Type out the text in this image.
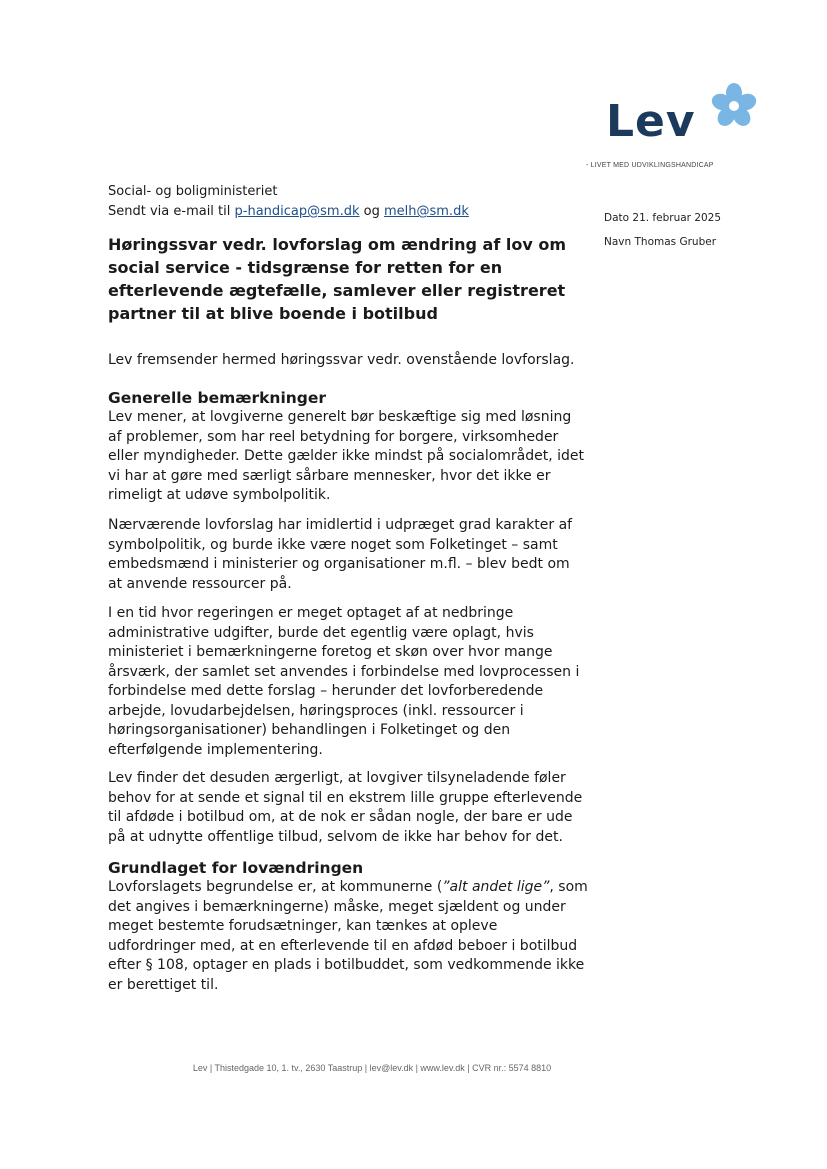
Lev
- LIVET MED UDVIKLINGSHANDICAP
Social- og boligministeriet
Sendt via e-mail til p-handicap@sm.dk og melh@sm.dk	Dato 21. februar 2025
Navn Thomas Gruber
Høringssvar vedr. lovforslag om ændring af lov om social service - tidsgrænse for retten for en efterlevende ægtefælle, samlever eller registreret partner til at blive boende i botilbud
Lev fremsender hermed høringssvar vedr. ovenstående lovforslag.
Generelle bemærkninger

Lev mener, at lovgiverne generelt bør beskæftige sig med løsning af problemer, som har reel betydning for borgere, virksomheder eller myndigheder. Dette gælder ikke mindst på socialområdet, idet vi har at gøre med særligt sårbare mennesker, hvor det ikke er rimeligt at udøve symbolpolitik.

Nærværende lovforslag har imidlertid i udpræget grad karakter af symbolpolitik, og burde ikke være noget som Folketinget – samt embedsmænd i ministerier og organisationer m.fl. – blev bedt om at anvende ressourcer på.

I en tid hvor regeringen er meget optaget af at nedbringe administrative udgifter, burde det egentlig være oplagt, hvis ministeriet i bemærkningerne foretog et skøn over hvor mange årsværk, der samlet set anvendes i forbindelse med lovprocessen i forbindelse med dette forslag – herunder det lovforberedende arbejde, lovudarbejdelsen, høringsproces (inkl. ressourcer i høringsorganisationer) behandlingen i Folketinget og den efterfølgende implementering.

Lev finder det desuden ærgerligt, at lovgiver tilsyneladende føler behov for at sende et signal til en ekstrem lille gruppe efterlevende til afdøde i botilbud om, at de nok er sådan nogle, der bare er ude på at udnytte offentlige tilbud, selvom de ikke har behov for det.

Grundlaget for lovændringen

Lovforslagets begrundelse er, at kommunerne (”alt andet lige”, som det angives i bemærkningerne) måske, meget sjældent og under meget bestemte forudsætninger, kan tænkes at opleve udfordringer med, at en efterlevende til en afdød beboer i botilbud efter § 108, optager en plads i botilbuddet, som vedkommende ikke er berettiget til.

Lev | Thistedgade 10, 1. tv., 2630 Taastrup | lev@lev.dk | www.lev.dk | CVR nr.: 5574 8810
